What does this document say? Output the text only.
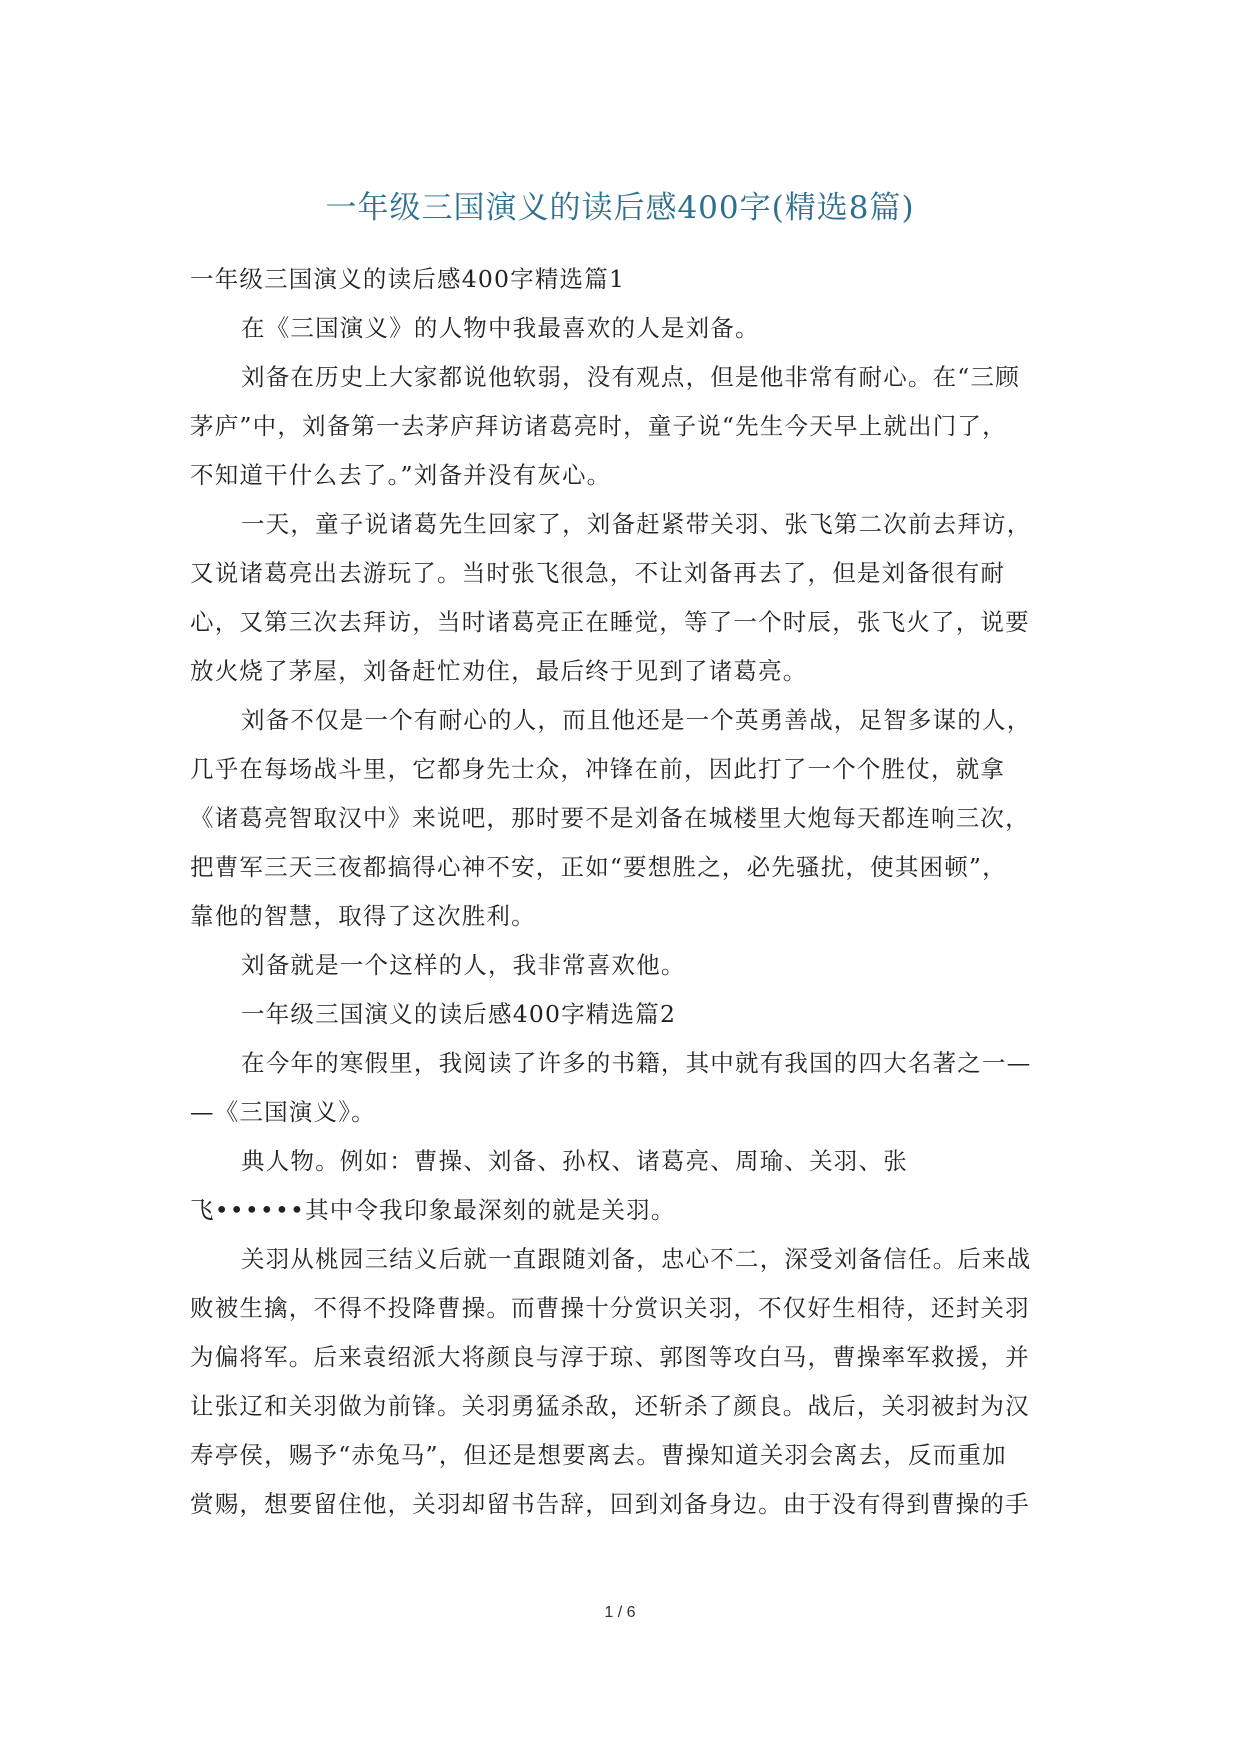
一年级三国演义的读后感400字(精选8篇)
一年级三国演义的读后感400字精选篇1
在《三国演义》的人物中我最喜欢的人是刘备。
刘备在历史上大家都说他软弱，没有观点，但是他非常有耐心。在“三顾
茅庐”中，刘备第一去茅庐拜访诸葛亮时，童子说“先生今天早上就出门了，
不知道干什么去了。”刘备并没有灰心。
一天，童子说诸葛先生回家了，刘备赶紧带关羽、张飞第二次前去拜访，
又说诸葛亮出去游玩了。当时张飞很急，不让刘备再去了，但是刘备很有耐
心，又第三次去拜访，当时诸葛亮正在睡觉，等了一个时辰，张飞火了，说要
放火烧了茅屋，刘备赶忙劝住，最后终于见到了诸葛亮。
刘备不仅是一个有耐心的人，而且他还是一个英勇善战，足智多谋的人，
几乎在每场战斗里，它都身先士众，冲锋在前，因此打了一个个胜仗，就拿
《诸葛亮智取汉中》来说吧，那时要不是刘备在城楼里大炮每天都连响三次，
把曹军三天三夜都搞得心神不安，正如“要想胜之，必先骚扰，使其困顿”，
靠他的智慧，取得了这次胜利。
刘备就是一个这样的人，我非常喜欢他。
一年级三国演义的读后感400字精选篇2
在今年的寒假里，我阅读了许多的书籍，其中就有我国的四大名著之一—
—《三国演义》。
典人物。例如：曹操、刘备、孙权、诸葛亮、周瑜、关羽、张
飞••••••其中令我印象最深刻的就是关羽。
关羽从桃园三结义后就一直跟随刘备，忠心不二，深受刘备信任。后来战
败被生擒，不得不投降曹操。而曹操十分赏识关羽，不仅好生相待，还封关羽
为偏将军。后来袁绍派大将颜良与淳于琼、郭图等攻白马，曹操率军救援，并
让张辽和关羽做为前锋。关羽勇猛杀敌，还斩杀了颜良。战后，关羽被封为汉
寿亭侯，赐予“赤兔马”，但还是想要离去。曹操知道关羽会离去，反而重加
赏赐，想要留住他，关羽却留书告辞，回到刘备身边。由于没有得到曹操的手
1 / 6
